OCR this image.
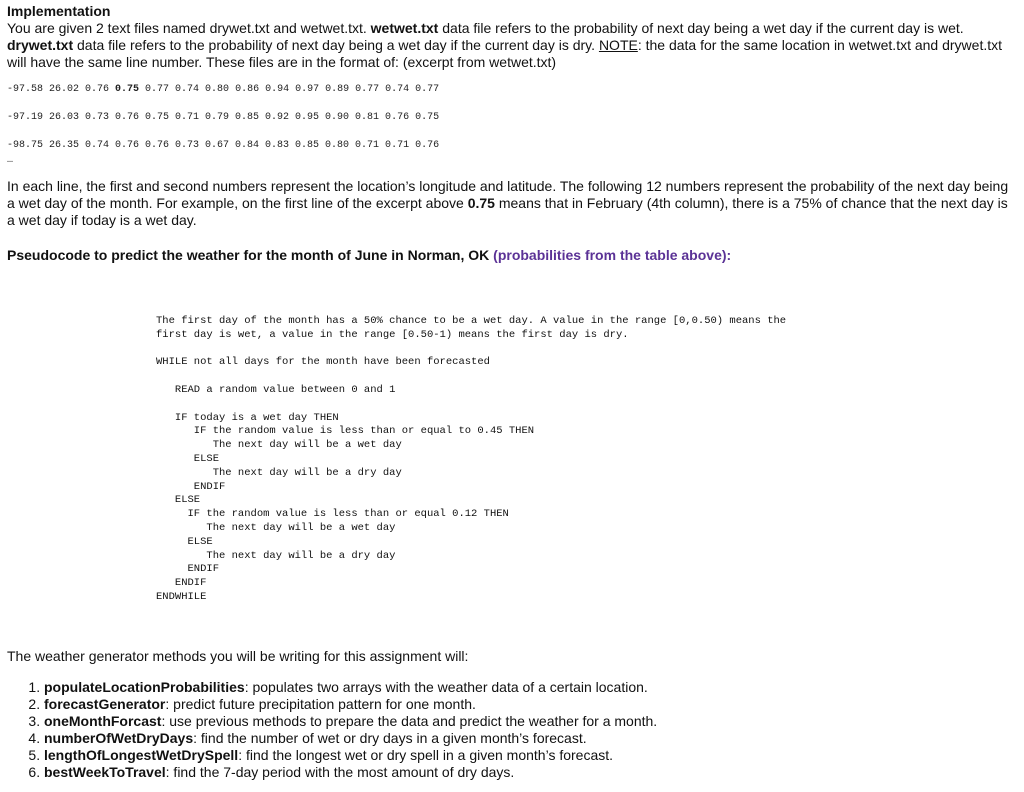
Implementation
You are given 2 text files named drywet.txt and wetwet.txt. wetwet.txt data file refers to the probability of next day being a wet day if the current day is wet. drywet.txt data file refers to the probability of next day being a wet day if the current day is dry. NOTE: the data for the same location in wetwet.txt and drywet.txt will have the same line number. These files are in the format of: (excerpt from wetwet.txt)
-97.58 26.02 0.76 0.75 0.77 0.74 0.80 0.86 0.94 0.97 0.89 0.77 0.74 0.77
-97.19 26.03 0.73 0.76 0.75 0.71 0.79 0.85 0.92 0.95 0.90 0.81 0.76 0.75
-98.75 26.35 0.74 0.76 0.76 0.73 0.67 0.84 0.83 0.85 0.80 0.71 0.71 0.76
…
In each line, the first and second numbers represent the location’s longitude and latitude. The following 12 numbers represent the probability of the next day being a wet day of the month. For example, on the first line of the excerpt above 0.75 means that in February (4th column), there is a 75% of chance that the next day is a wet day if today is a wet day.
Pseudocode to predict the weather for the month of June in Norman, OK (probabilities from the table above):
The first day of the month has a 50% chance to be a wet day. A value in the range [0,0.50) means the
first day is wet, a value in the range [0.50-1) means the first day is dry.

WHILE not all days for the month have been forecasted

READ a random value between 0 and 1

IF today is a wet day THEN
IF the random value is less than or equal to 0.45 THEN
The next day will be a wet day
ELSE
The next day will be a dry day
ENDIF
ELSE
IF the random value is less than or equal 0.12 THEN
The next day will be a wet day
ELSE
The next day will be a dry day
ENDIF
ENDIF
ENDWHILE
The weather generator methods you will be writing for this assignment will:
1. populateLocationProbabilities: populates two arrays with the weather data of a certain location.
2. forecastGenerator: predict future precipitation pattern for one month.
3. oneMonthForcast: use previous methods to prepare the data and predict the weather for a month.
4. numberOfWetDryDays: find the number of wet or dry days in a given month’s forecast.
5. lengthOfLongestWetDrySpell: find the longest wet or dry spell in a given month’s forecast.
6. bestWeekToTravel: find the 7-day period with the most amount of dry days.
